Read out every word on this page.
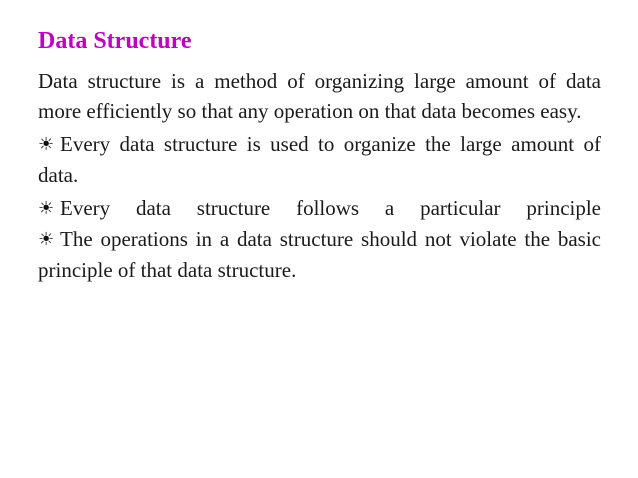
Data Structure

Data structure is a method of organizing large amount of data more efficiently so that any operation on that data becomes easy.

☀ Every data structure is used to organize the large amount of data.

☀ Every data structure follows a particular principle

☀ The operations in a data structure should not violate the basic principle of that data structure.
